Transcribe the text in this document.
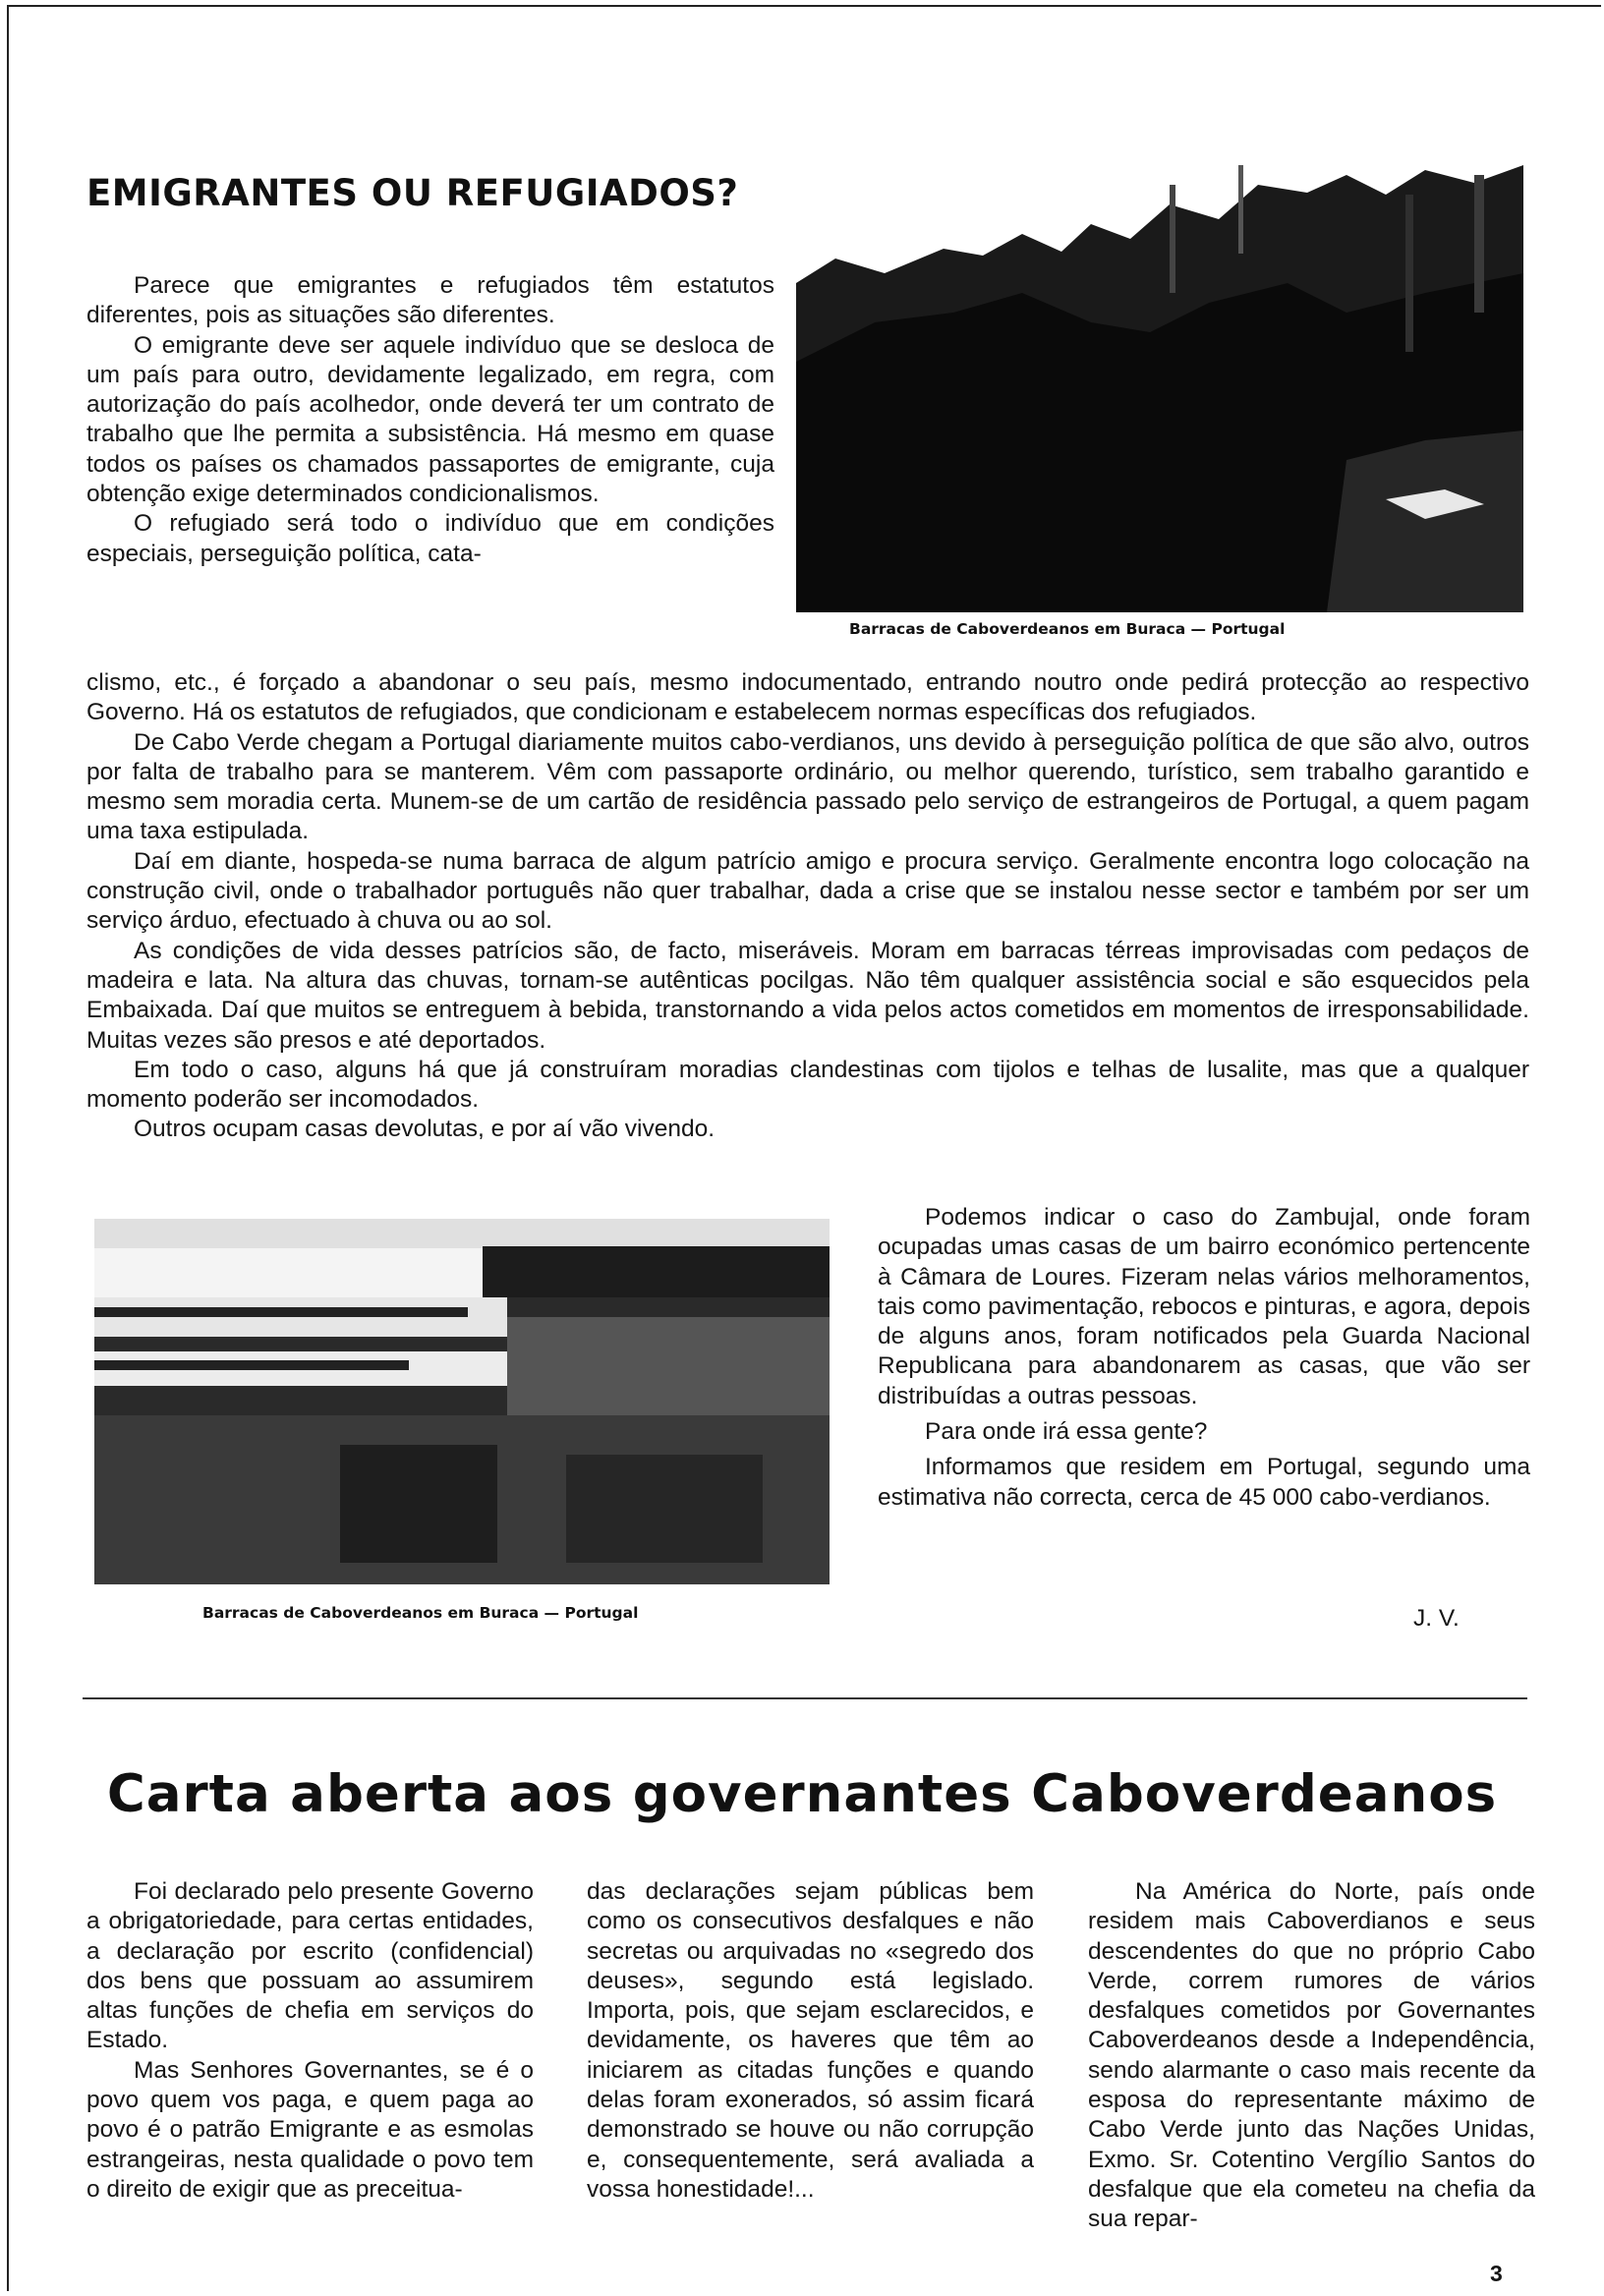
EMIGRANTES OU REFUGIADOS?

Parece que emigrantes e refugiados têm estatutos diferentes, pois as situações são diferentes.

O emigrante deve ser aquele indivíduo que se desloca de um país para outro, devidamente legalizado, em regra, com autorização do país acolhedor, onde deverá ter um contrato de trabalho que lhe permita a subsistência. Há mesmo em quase todos os países os chamados passaportes de emigrante, cuja obtenção exige determinados condicionalismos.

O refugiado será todo o indivíduo que em condições especiais, perseguição política, cata-

Barracas de Caboverdeanos em Buraca — Portugal

clismo, etc., é forçado a abandonar o seu país, mesmo indocumentado, entrando noutro onde pedirá protecção ao respectivo Governo. Há os estatutos de refugiados, que condicionam e estabelecem normas específicas dos refugiados.

De Cabo Verde chegam a Portugal diariamente muitos cabo-verdianos, uns devido à perseguição política de que são alvo, outros por falta de trabalho para se manterem. Vêm com passaporte ordinário, ou melhor querendo, turístico, sem trabalho garantido e mesmo sem moradia certa. Munem-se de um cartão de residência passado pelo serviço de estrangeiros de Portugal, a quem pagam uma taxa estipulada.

Daí em diante, hospeda-se numa barraca de algum patrício amigo e procura serviço. Geralmente encontra logo colocação na construção civil, onde o trabalhador português não quer trabalhar, dada a crise que se instalou nesse sector e também por ser um serviço árduo, efectuado à chuva ou ao sol.

As condições de vida desses patrícios são, de facto, miseráveis. Moram em barracas térreas improvisadas com pedaços de madeira e lata. Na altura das chuvas, tornam-se autênticas pocilgas. Não têm qualquer assistência social e são esquecidos pela Embaixada. Daí que muitos se entreguem à bebida, transtornando a vida pelos actos cometidos em momentos de irresponsabilidade. Muitas vezes são presos e até deportados.

Em todo o caso, alguns há que já construíram moradias clandestinas com tijolos e telhas de lusalite, mas que a qualquer momento poderão ser incomodados.

Outros ocupam casas devolutas, e por aí vão vivendo.

Barracas de Caboverdeanos em Buraca — Portugal

Podemos indicar o caso do Zambujal, onde foram ocupadas umas casas de um bairro económico pertencente à Câmara de Loures. Fizeram nelas vários melhoramentos, tais como pavimentação, rebocos e pinturas, e agora, depois de alguns anos, foram notificados pela Guarda Nacional Republicana para abandonarem as casas, que vão ser distribuídas a outras pessoas.

Para onde irá essa gente?

Informamos que residem em Portugal, segundo uma estimativa não correcta, cerca de 45 000 cabo-verdianos.

J. V.
Carta aberta aos governantes Caboverdeanos

Foi declarado pelo presente Governo a obrigatoriedade, para certas entidades, a declaração por escrito (confidencial) dos bens que possuam ao assumirem altas funções de chefia em serviços do Estado.

Mas Senhores Governantes, se é o povo quem vos paga, e quem paga ao povo é o patrão Emigrante e as esmolas estrangeiras, nesta qualidade o povo tem o direito de exigir que as preceitua-

das declarações sejam públicas bem como os consecutivos desfalques e não secretas ou arquivadas no «segredo dos deuses», segundo está legislado. Importa, pois, que sejam esclarecidos, e devidamente, os haveres que têm ao iniciarem as citadas funções e quando delas foram exonerados, só assim ficará demonstrado se houve ou não corrupção e, consequentemente, será avaliada a vossa honestidade!...

Na América do Norte, país onde residem mais Caboverdianos e seus descendentes do que no próprio Cabo Verde, correm rumores de vários desfalques cometidos por Governantes Caboverdeanos desde a Independência, sendo alarmante o caso mais recente da esposa do representante máximo de Cabo Verde junto das Nações Unidas, Exmo. Sr. Cotentino Vergílio Santos do desfalque que ela cometeu na chefia da sua repar-

3
